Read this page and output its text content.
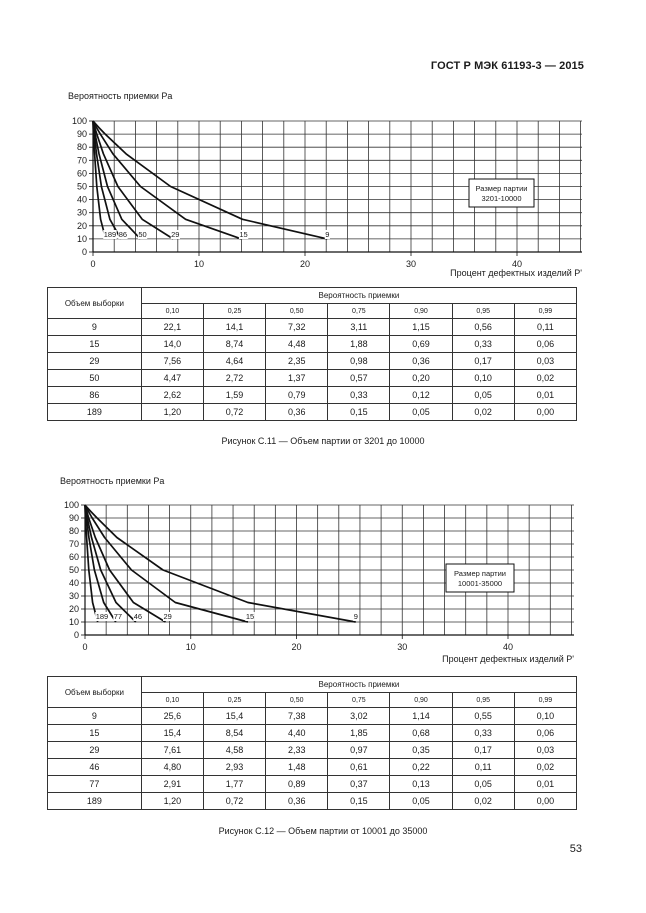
ГОСТ Р МЭК 61193-3 — 2015
Вероятность приемки Pa
0
10
20
30
40
50
60
70
80
90
100
0	10	20	30	40
Процент дефектных изделий P'
Размер партии
3201-10000
9
15
29
50
86
189
Объем выборки	Вероятность приемки						
	0,10	0,25	0,50	0,75	0,90	0,95	0,99
9	22,1	14,1	7,32	3,11	1,15	0,56	0,11
15	14,0	8,74	4,48	1,88	0,69	0,33	0,06
29	7,56	4,64	2,35	0,98	0,36	0,17	0,03
50	4,47	2,72	1,37	0,57	0,20	0,10	0,02
86	2,62	1,59	0,79	0,33	0,12	0,05	0,01
189	1,20	0,72	0,36	0,15	0,05	0,02	0,00
Рисунок С.11 — Объем партии от 3201 до 10000
Вероятность приемки Pa
0
10
20
30
40
50
60
70
80
90
100
0	10	20	30	40
Процент дефектных изделий P'
Размер партии
10001-35000
9
15
29
46
77
189
Объем выборки	Вероятность приемки						
	0,10	0,25	0,50	0,75	0,90	0,95	0,99
9	25,6	15,4	7,38	3,02	1,14	0,55	0,10
15	15,4	8,54	4,40	1,85	0,68	0,33	0,06
29	7,61	4,58	2,33	0,97	0,35	0,17	0,03
46	4,80	2,93	1,48	0,61	0,22	0,11	0,02
77	2,91	1,77	0,89	0,37	0,13	0,05	0,01
189	1,20	0,72	0,36	0,15	0,05	0,02	0,00
Рисунок С.12 — Объем партии от 10001 до 35000
53
